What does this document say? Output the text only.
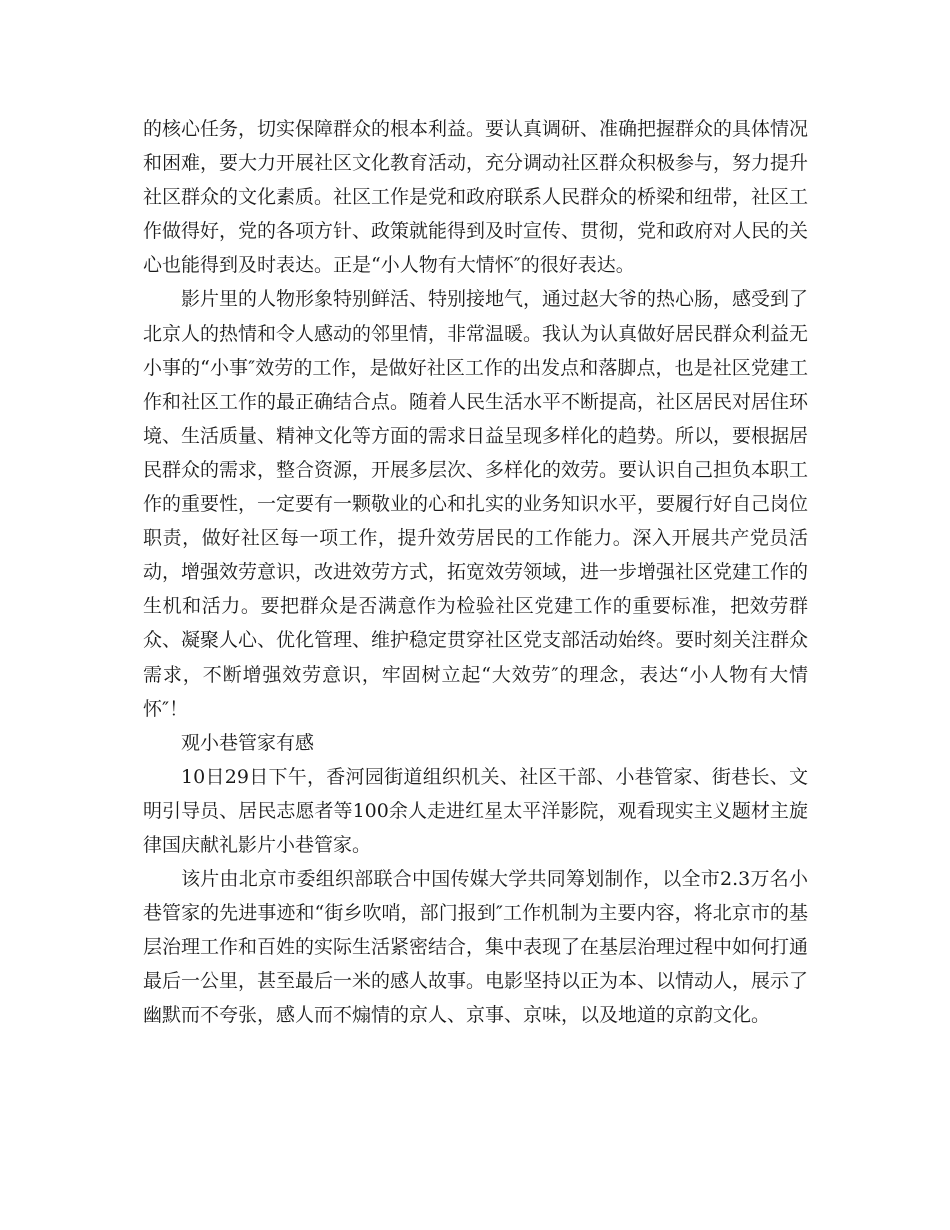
的核心任务，切实保障群众的根本利益。要认真调研、准确把握群众的具体情况和困难，要大力开展社区文化教育活动，充分调动社区群众积极参与，努力提升社区群众的文化素质。社区工作是党和政府联系人民群众的桥梁和纽带，社区工作做得好，党的各项方针、政策就能得到及时宣传、贯彻，党和政府对人民的关心也能得到及时表达。正是“小人物有大情怀″的很好表达。

影片里的人物形象特别鲜活、特别接地气，通过赵大爷的热心肠，感受到了北京人的热情和令人感动的邻里情，非常温暖。我认为认真做好居民群众利益无小事的“小事″效劳的工作，是做好社区工作的出发点和落脚点，也是社区党建工作和社区工作的最正确结合点。随着人民生活水平不断提高，社区居民对居住环境、生活质量、精神文化等方面的需求日益呈现多样化的趋势。所以，要根据居民群众的需求，整合资源，开展多层次、多样化的效劳。要认识自己担负本职工作的重要性，一定要有一颗敬业的心和扎实的业务知识水平，要履行好自己岗位职责，做好社区每一项工作，提升效劳居民的工作能力。深入开展共产党员活动，增强效劳意识，改进效劳方式，拓宽效劳领域，进一步增强社区党建工作的生机和活力。要把群众是否满意作为检验社区党建工作的重要标准，把效劳群众、凝聚人心、优化管理、维护稳定贯穿社区党支部活动始终。要时刻关注群众需求，不断增强效劳意识，牢固树立起“大效劳″的理念，表达“小人物有大情怀″！

观小巷管家有感

10日29日下午，香河园街道组织机关、社区干部、小巷管家、街巷长、文明引导员、居民志愿者等100余人走进红星太平洋影院，观看现实主义题材主旋律国庆献礼影片小巷管家。

该片由北京市委组织部联合中国传媒大学共同筹划制作，以全市2.3万名小巷管家的先进事迹和“街乡吹哨，部门报到″工作机制为主要内容，将北京市的基层治理工作和百姓的实际生活紧密结合，集中表现了在基层治理过程中如何打通最后一公里，甚至最后一米的感人故事。电影坚持以正为本、以情动人，展示了幽默而不夸张，感人而不煽情的京人、京事、京味，以及地道的京韵文化。
